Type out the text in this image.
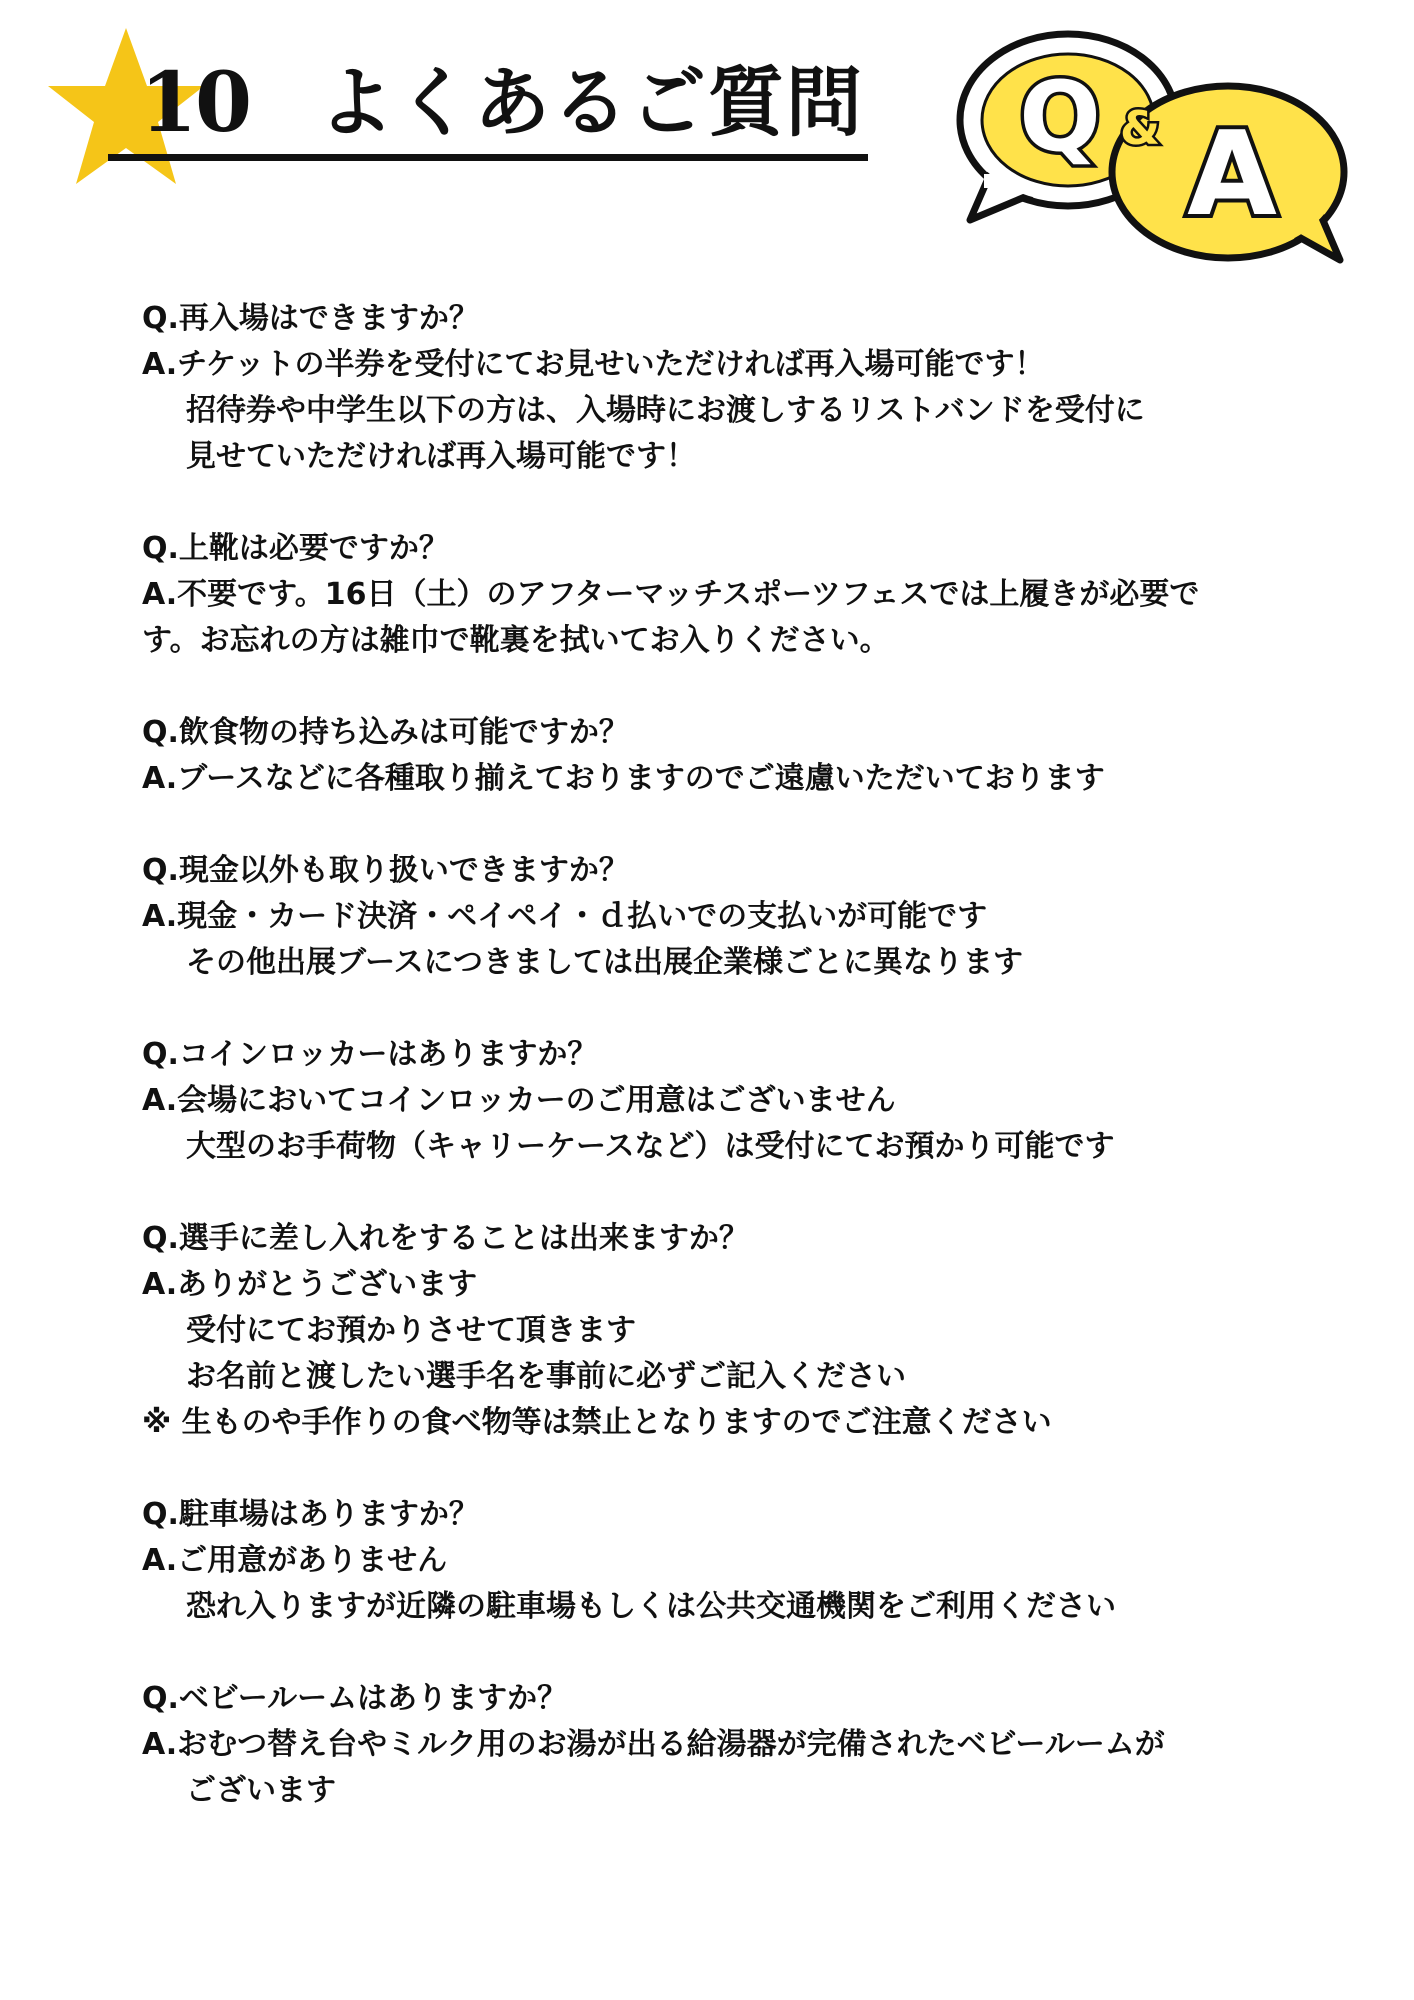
10 よくあるご質問 Q A
&
Q.再入場はできますか？
A.チケットの半券を受付にてお見せいただければ再入場可能です！
招待券や中学生以下の方は、入場時にお渡しするリストバンドを受付に
見せていただければ再入場可能です！
Q.上靴は必要ですか？
A.不要です。16日（土）のアフターマッチスポーツフェスでは上履きが必要で
す。お忘れの方は雑巾で靴裏を拭いてお入りください。
Q.飲食物の持ち込みは可能ですか？
A.ブースなどに各種取り揃えておりますのでご遠慮いただいております
Q.現金以外も取り扱いできますか？
A.現金・カード決済・ペイペイ・ｄ払いでの支払いが可能です
その他出展ブースにつきましては出展企業様ごとに異なります
Q.コインロッカーはありますか？
A.会場においてコインロッカーのご用意はございません
大型のお手荷物（キャリーケースなど）は受付にてお預かり可能です
Q.選手に差し入れをすることは出来ますか？
A.ありがとうございます
受付にてお預かりさせて頂きます
お名前と渡したい選手名を事前に必ずご記入ください
※ 生ものや手作りの食べ物等は禁止となりますのでご注意ください
Q.駐車場はありますか？
A.ご用意がありません
恐れ入りますが近隣の駐車場もしくは公共交通機関をご利用ください
Q.ベビールームはありますか？
A.おむつ替え台やミルク用のお湯が出る給湯器が完備されたベビールームが
ございます
